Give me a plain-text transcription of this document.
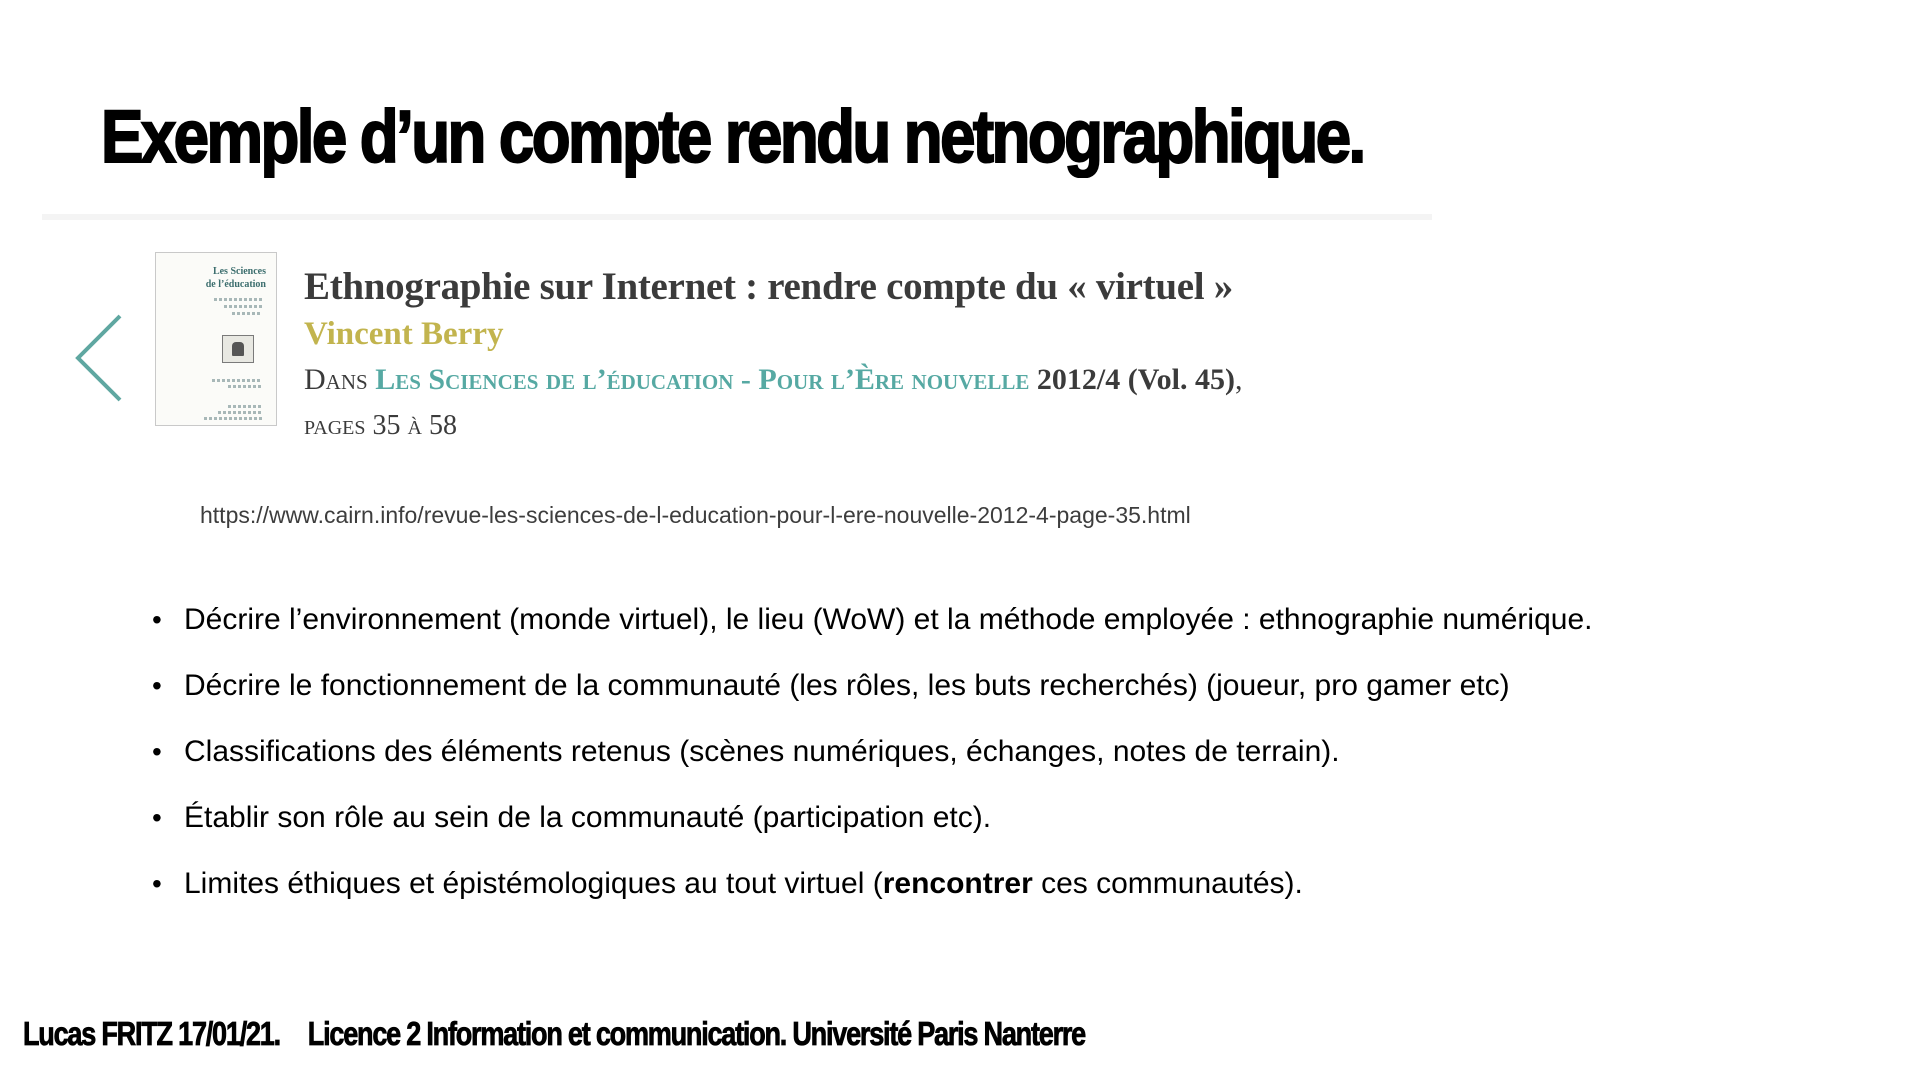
Exemple d’un compte rendu netnographique.
Les Sciences
de l’éducation Ethnographie sur Internet : rendre compte du « virtuel »
Vincent Berry
Dans Les Sciences de l’éducation - Pour l’Ère nouvelle 2012/4 (Vol. 45),
pages 35 à 58
https://www.cairn.info/revue-les-sciences-de-l-education-pour-l-ere-nouvelle-2012-4-page-35.html
• Décrire l’environnement (monde virtuel), le lieu (WoW) et la méthode employée : ethnographie numérique.
• Décrire le fonctionnement de la communauté (les rôles, les buts recherchés) (joueur, pro gamer etc)
• Classifications des éléments retenus (scènes numériques, échanges, notes de terrain).
• Établir son rôle au sein de la communauté (participation etc).
• Limites éthiques et épistémologiques au tout virtuel (rencontrer ces communautés).
Lucas FRITZ 17/01/21. Licence 2 Information et communication. Université Paris Nanterre
